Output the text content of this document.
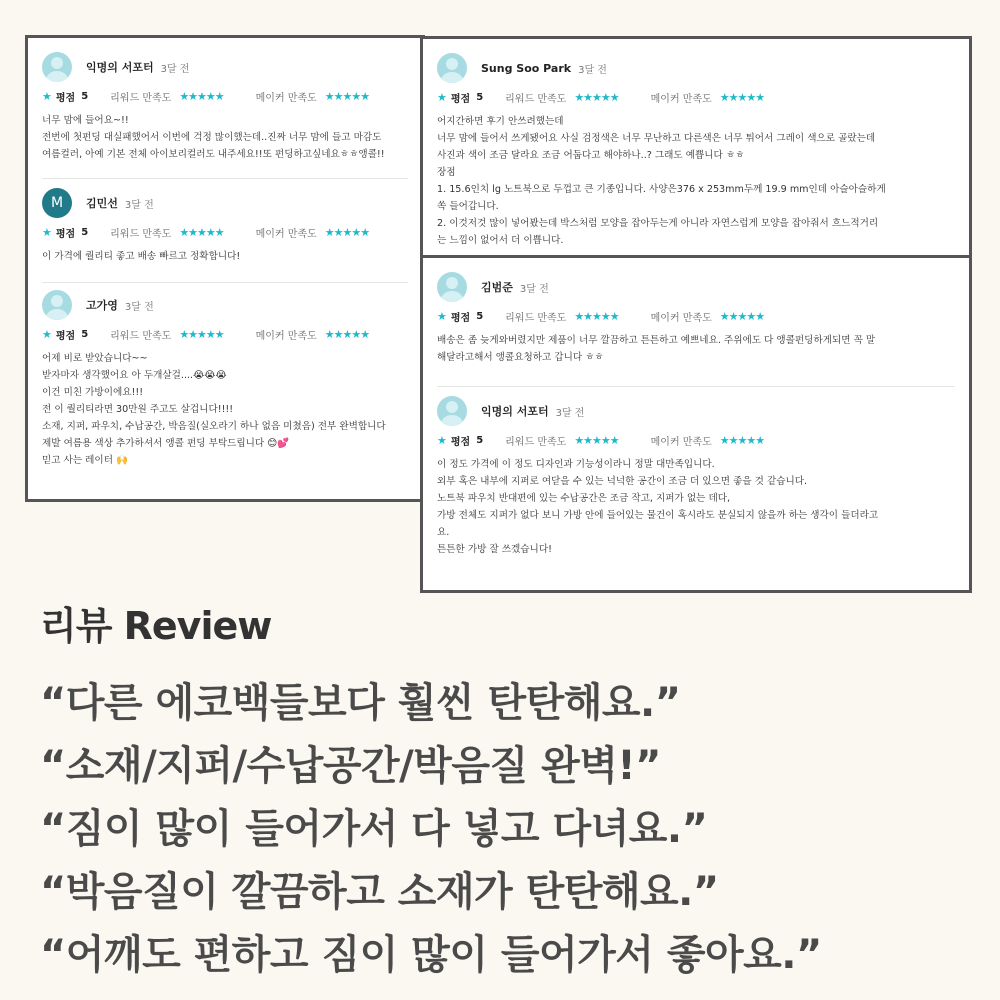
익명의 서포터 3달 전
★ 평점 5 리워드 만족도 ★★★★★	메이커 만족도 ★★★★★
너무 맘에 들어요~!!
전번에 첫펀딩 대실패했어서 이번에 걱정 많이했는데..진짜 너무 맘에 들고 마감도
여름컬러, 아예 기본 전체 아이보리컬러도 내주세요!!또 펀딩하고싶네요ㅎㅎ앵콜!!
M 김민선 3달 전
★ 평점 5 리워드 만족도 ★★★★★	메이커 만족도 ★★★★★
이 가격에 퀄리티 좋고 배송 빠르고 정확합니다!
고가영 3달 전
★ 평점 5 리워드 만족도 ★★★★★	메이커 만족도 ★★★★★
어제 비로 받았습니다~~
받자마자 생각했어요 아 두개살걸....😭😭😭
이건 미친 가방이에요!!!
전 이 퀄리티라면 30만원 주고도 살겁니다!!!!
소재, 지퍼, 파우치, 수납공간, 박음질(실오라기 하나 없음 미쳤음) 전부 완벽합니다
제발 여름용 색상 추가하셔서 앵콜 펀딩 부탁드립니다 😊💕
믿고 사는 레이터 🙌
Sung Soo Park 3달 전
★ 평점 5 리워드 만족도 ★★★★★	메이커 만족도 ★★★★★
어지간하면 후기 안쓰려했는데
너무 맘에 들어서 쓰게됐어요 사실 검정색은 너무 무난하고 다른색은 너무 튀어서 그레이 색으로 골랐는데
사진과 색이 조금 달라요 조금 어둡다고 해야하나..? 그래도 예쁩니다 ㅎㅎ
장점
1. 15.6인치 lg 노트북으로 두껍고 큰 기종입니다. 사양은376 x 253mm두께 19.9 mm인데 아슬아슬하게
쏙 들어갑니다.
2. 이것저것 많이 넣어봤는데 박스처럼 모양을 잡아두는게 아니라 자연스럽게 모양을 잡아줘서 흐느적거리
는 느낌이 없어서 더 이쁩니다.
김범준 3달 전
★ 평점 5 리워드 만족도 ★★★★★	메이커 만족도 ★★★★★
배송은 좀 늦게와버렸지만 제품이 너무 깔끔하고 튼튼하고 예쁘네요. 주위에도 다 앵콜펀딩하게되면 꼭 말
해달라고해서 앵콜요청하고 갑니다 ㅎㅎ
익명의 서포터 3달 전
★ 평점 5 리워드 만족도 ★★★★★	메이커 만족도 ★★★★★
이 정도 가격에 이 정도 디자인과 기능성이라니 정말 대만족입니다.
외부 혹은 내부에 지퍼로 여닫을 수 있는 넉넉한 공간이 조금 더 있으면 좋을 것 같습니다.
노트북 파우치 반대편에 있는 수납공간은 조금 작고, 지퍼가 없는 데다,
가방 전체도 지퍼가 없다 보니 가방 안에 들어있는 물건이 혹시라도 분실되지 않을까 하는 생각이 들더라고
요.
튼튼한 가방 잘 쓰겠습니다!
리뷰 Review
“다른 에코백들보다 훨씬 탄탄해요.”
“소재/지퍼/수납공간/박음질 완벽!”
“짐이 많이 들어가서 다 넣고 다녀요.”
“박음질이 깔끔하고 소재가 탄탄해요.”
“어깨도 편하고 짐이 많이 들어가서 좋아요.”
